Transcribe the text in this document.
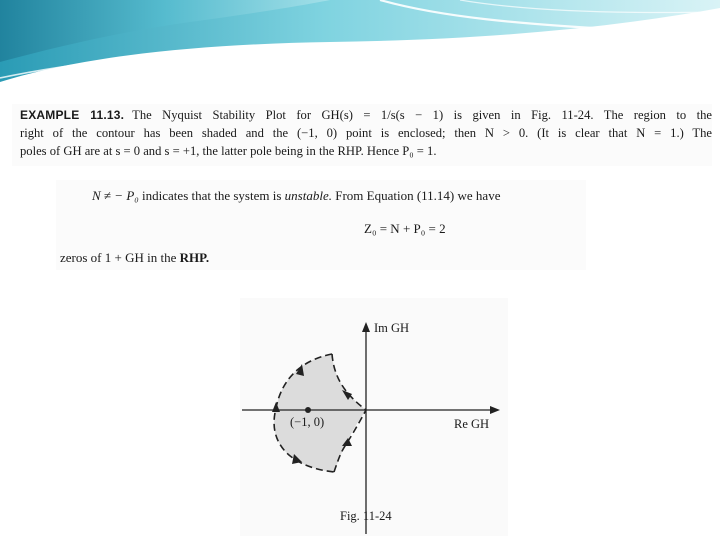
EXAMPLE 11.13. The Nyquist Stability Plot for GH(s) = 1/s(s − 1) is given in Fig. 11-24. The region to the
right of the contour has been shaded and the (−1, 0) point is enclosed; then N > 0. (It is clear that N = 1.) The
poles of GH are at s = 0 and s = +1, the latter pole being in the RHP. Hence P₀ = 1.
N ≠ − P₀ indicates that the system is unstable. From Equation (11.14) we have
Z₀ = N + P₀ = 2
zeros of 1 + GH in the RHP.
(−1, 0)
Im GH
Re GH
Fig. 11-24
